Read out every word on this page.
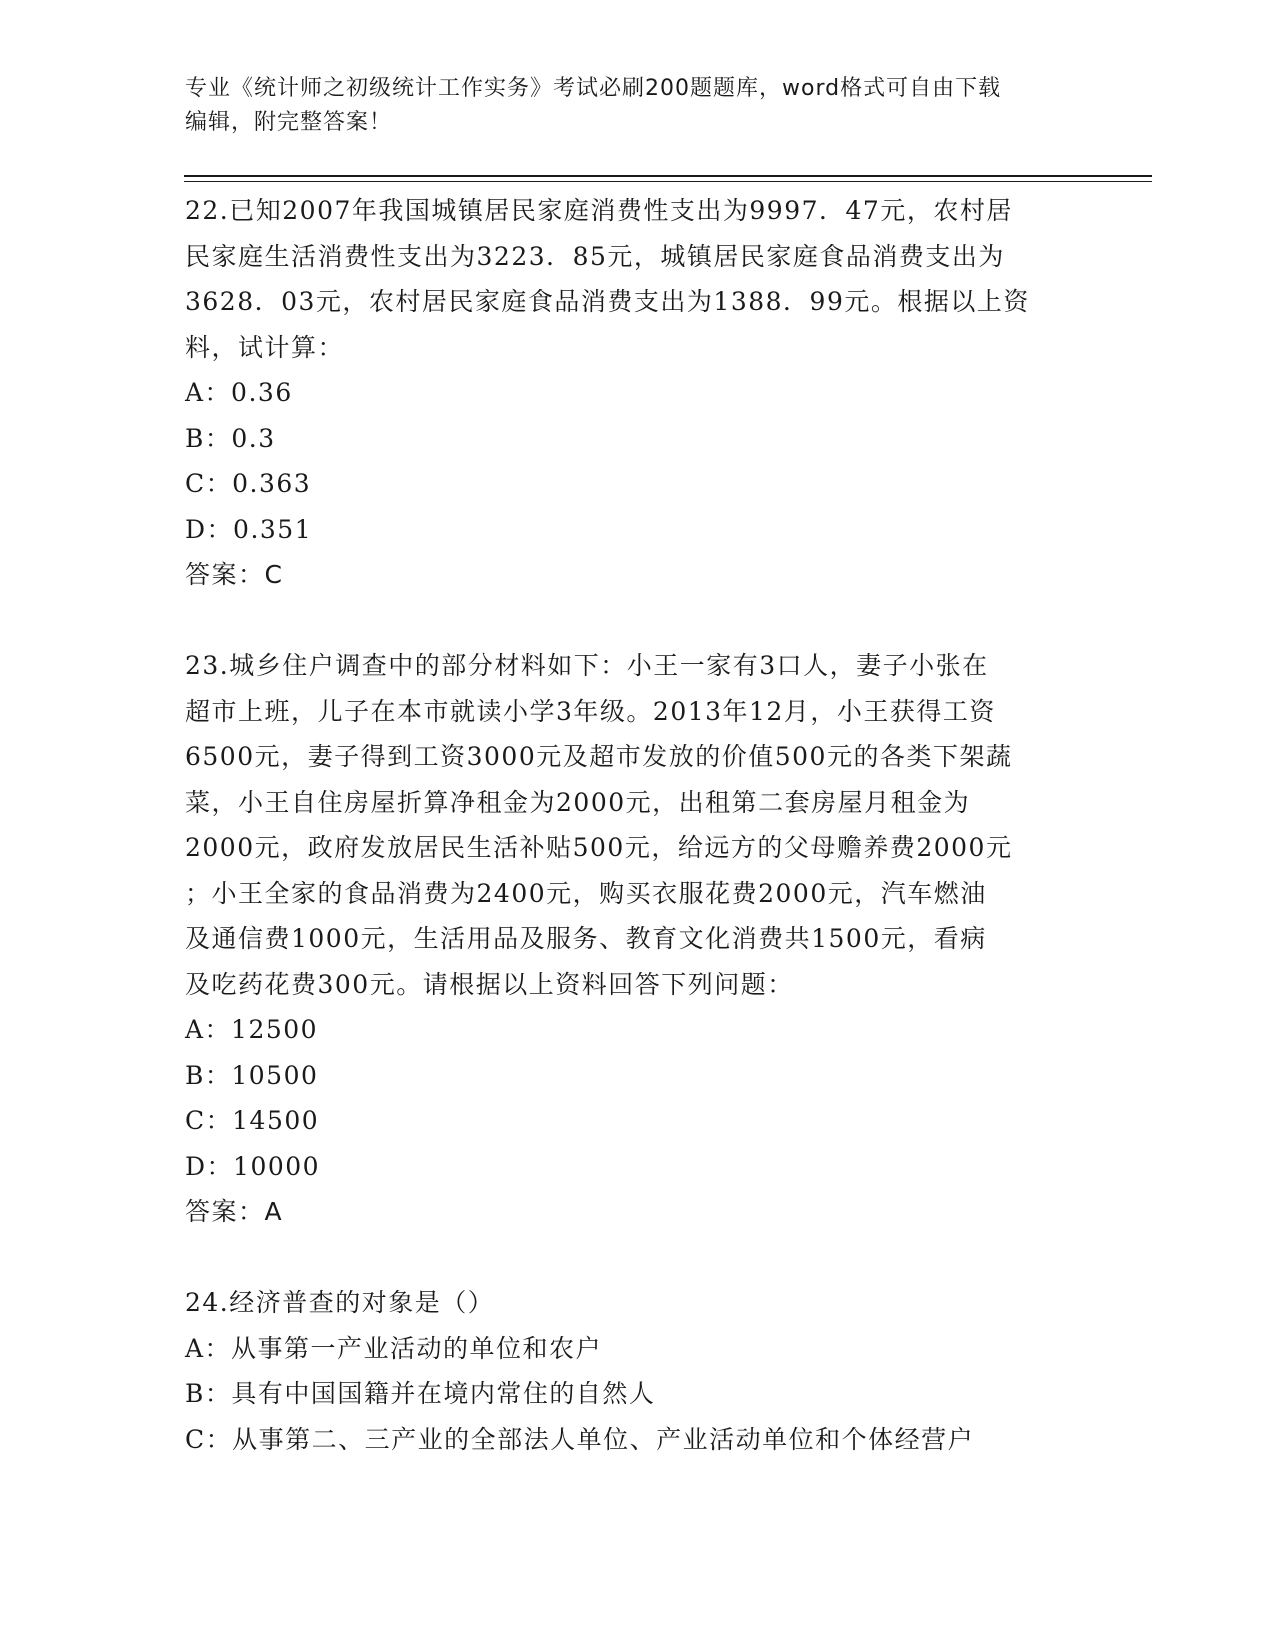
专业《统计师之初级统计工作实务》考试必刷200题题库，word格式可自由下载
编辑，附完整答案！
22.已知2007年我国城镇居民家庭消费性支出为9997．47元，农村居
民家庭生活消费性支出为3223．85元，城镇居民家庭食品消费支出为
3628．03元，农村居民家庭食品消费支出为1388．99元。根据以上资
料，试计算：
A：0.36
B：0.3
C：0.363
D：0.351
答案：C
23.城乡住户调查中的部分材料如下：小王一家有3口人，妻子小张在
超市上班，儿子在本市就读小学3年级。2013年12月，小王获得工资
6500元，妻子得到工资3000元及超市发放的价值500元的各类下架蔬
菜，小王自住房屋折算净租金为2000元，出租第二套房屋月租金为
2000元，政府发放居民生活补贴500元，给远方的父母赡养费2000元
；小王全家的食品消费为2400元，购买衣服花费2000元，汽车燃油
及通信费1000元，生活用品及服务、教育文化消费共1500元，看病
及吃药花费300元。请根据以上资料回答下列问题：
A：12500
B：10500
C：14500
D：10000
答案：A
24.经济普查的对象是（）
A：从事第一产业活动的单位和农户
B：具有中国国籍并在境内常住的自然人
C：从事第二、三产业的全部法人单位、产业活动单位和个体经营户
